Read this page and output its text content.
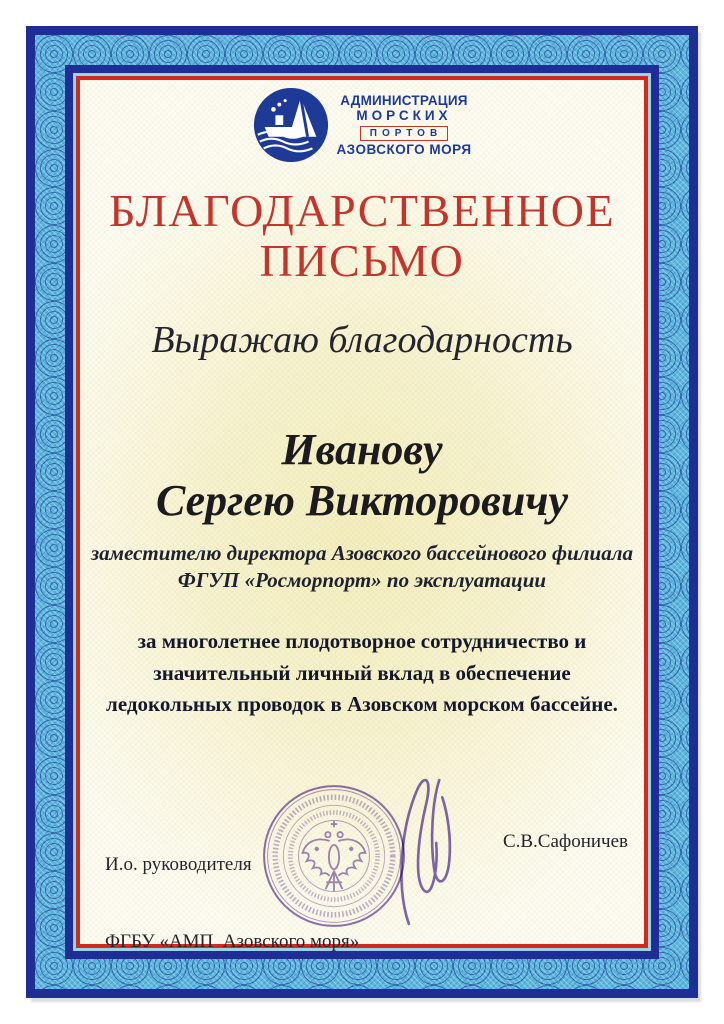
АДМИНИСТРАЦИЯ
МОРСКИХ
ПОРТОВ
АЗОВСКОГО МОРЯ
БЛАГОДАРСТВЕННОЕ
ПИСЬМО
Выражаю благодарность
Иванову
Сергею Викторовичу
заместителю директора Азовского бассейнового филиала
ФГУП «Росморпорт» по эксплуатации
за многолетнее плодотворное сотрудничество и
значительный личный вклад в обеспечение
ледокольных проводок в Азовском морском бассейне.

И.о. руководителя

ФГБУ «АМП  Азовского моря»

С.В.Сафоничев
